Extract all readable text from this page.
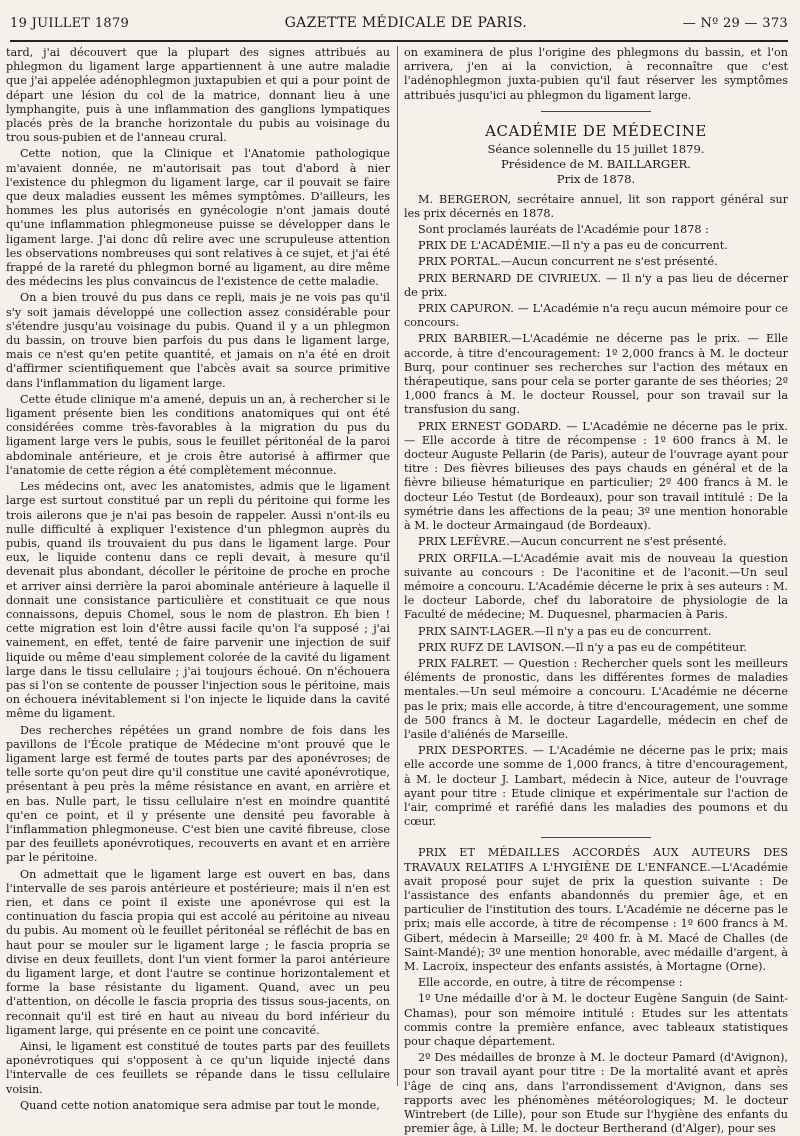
19 JUILLET 1879	GAZETTE MÉDICALE DE PARIS.	— Nº 29 — 373

tard, j'ai découvert que la plupart des signes attribués au phlegmon du ligament large appartiennent à une autre maladie que j'ai appelée adénophlegmon juxtapubien et qui a pour point de départ une lésion du col de la matrice, donnant lieu à une lymphangite, puis à une inflammation des ganglions lympatiques placés près de la branche horizontale du pubis au voisinage du trou sous-pubien et de l'anneau crural.

Cette notion, que la Clinique et l'Anatomie pathologique m'avaient donnée, ne m'autorisait pas tout d'abord à nier l'existence du phlegmon du ligament large, car il pouvait se faire que deux maladies eussent les mêmes symptômes. D'ailleurs, les hommes les plus autorisés en gynécologie n'ont jamais douté qu'une inflammation phlegmoneuse puisse se développer dans le ligament large. J'ai donc dû relire avec une scrupuleuse attention les observations nombreuses qui sont relatives à ce sujet, et j'ai été frappé de la rareté du phlegmon borné au ligament, au dire même des médecins les plus convaincus de l'existence de cette maladie.

On a bien trouvé du pus dans ce repli, mais je ne vois pas qu'il s'y soit jamais développé une collection assez considérable pour s'étendre jusqu'au voisinage du pubis. Quand il y a un phlegmon du bassin, on trouve bien parfois du pus dans le ligament large, mais ce n'est qu'en petite quantité, et jamais on n'a été en droit d'affirmer scientifiquement que l'abcès avait sa source primitive dans l'inflammation du ligament large.

Cette étude clinique m'a amené, depuis un an, à rechercher si le ligament présente bien les conditions anatomiques qui ont été considérées comme très-favorables à la migration du pus du ligament large vers le pubis, sous le feuillet péritonéal de la paroi abdominale antérieure, et je crois être autorisé à affirmer que l'anatomie de cette région a été complètement méconnue.

Les médecins ont, avec les anatomistes, admis que le ligament large est surtout constitué par un repli du péritoine qui forme les trois ailerons que je n'ai pas besoin de rappeler. Aussi n'ont-ils eu nulle difficulté à expliquer l'existence d'un phlegmon auprès du pubis, quand ils trouvaient du pus dans le ligament large. Pour eux, le liquide contenu dans ce repli devait, à mesure qu'il devenait plus abondant, décoller le péritoine de proche en proche et arriver ainsi derrière la paroi abominale antérieure à laquelle il donnait une consistance particulière et constituait ce que nous connaissons, depuis Chomel, sous le nom de plastron. Eh bien ! cette migration est loin d'être aussi facile qu'on l'a supposé ; j'ai vainement, en effet, tenté de faire parvenir une injection de suif liquide ou même d'eau simplement colorée de la cavité du ligament large dans le tissu cellulaire ; j'ai toujours échoué. On n'échouera pas si l'on se contente de pousser l'injection sous le péritoine, mais on échouera inévitablement si l'on injecte le liquide dans la cavité même du ligament.

Des recherches répétées un grand nombre de fois dans les pavillons de l'École pratique de Médecine m'ont prouvé que le ligament large est fermé de toutes parts par des aponévroses; de telle sorte qu'on peut dire qu'il constitue une cavité aponévrotique, présentant à peu près la même résistance en avant, en arrière et en bas. Nulle part, le tissu cellulaire n'est en moindre quantité qu'en ce point, et il y présente une densité peu favorable à l'inflammation phlegmoneuse. C'est bien une cavité fibreuse, close par des feuillets aponévrotiques, recouverts en avant et en arrière par le péritoine.

On admettait que le ligament large est ouvert en bas, dans l'intervalle de ses parois antérieure et postérieure; mais il n'en est rien, et dans ce point il existe une aponévrose qui est la continuation du fascia propia qui est accolé au péritoine au niveau du pubis. Au moment où le feuillet péritonéal se réfléchit de bas en haut pour se mouler sur le ligament large ; le fascia propria se divise en deux feuillets, dont l'un vient former la paroi antérieure du ligament large, et dont l'autre se continue horizontalement et forme la base résistante du ligament. Quand, avec un peu d'attention, on décolle le fascia propria des tissus sous-jacents, on reconnait qu'il est tiré en haut au niveau du bord inférieur du ligament large, qui présente en ce point une concavité.

Ainsi, le ligament est constitué de toutes parts par des feuillets aponévrotiques qui s'opposent à ce qu'un liquide injecté dans l'intervalle de ces feuillets se répande dans le tissu cellulaire voisin.

Quand cette notion anatomique sera admise par tout le monde,

on examinera de plus l'origine des phlegmons du bassin, et l'on arrivera, j'en ai la conviction, à reconnaître que c'est l'adénophlegmon juxta-pubien qu'il faut réserver les symptômes attribués jusqu'ici au phlegmon du ligament large.

ACADÉMIE DE MÉDECINE
Séance solennelle du 15 juillet 1879.
Présidence de M. BAILLARGER.
Prix de 1878.

M. BERGERON, secrétaire annuel, lit son rapport général sur les prix décernés en 1878.

Sont proclamés lauréats de l'Académie pour 1878 :

PRIX DE L'ACADÉMIE.—Il n'y a pas eu de concurrent.

PRIX PORTAL.—Aucun concurrent ne s'est présenté.

PRIX BERNARD DE CIVRIEUX. — Il n'y a pas lieu de décerner de prix.

PRIX CAPURON. — L'Académie n'a reçu aucun mémoire pour ce concours.

PRIX BARBIER.—L'Académie ne décerne pas le prix. — Elle accorde, à titre d'encouragement: 1º 2,000 francs à M. le docteur Burq, pour continuer ses recherches sur l'action des métaux en thérapeutique, sans pour cela se porter garante de ses théories; 2º 1,000 francs à M. le docteur Roussel, pour son travail sur la transfusion du sang.

PRIX ERNEST GODARD. — L'Académie ne décerne pas le prix. — Elle accorde à titre de récompense : 1º 600 francs à M. le docteur Auguste Pellarin (de Paris), auteur de l'ouvrage ayant pour titre : Des fièvres bilieuses des pays chauds en général et de la fièvre bilieuse hématurique en particulier; 2º 400 francs à M. le docteur Léo Testut (de Bordeaux), pour son travail intitulé : De la symétrie dans les affections de la peau; 3º une mention honorable à M. le docteur Armaingaud (de Bordeaux).

PRIX LEFÈVRE.—Aucun concurrent ne s'est présenté.

PRIX ORFILA.—L'Académie avait mis de nouveau la question suivante au concours : De l'aconitine et de l'aconit.—Un seul mémoire a concouru. L'Académie décerne le prix à ses auteurs : M. le docteur Laborde, chef du laboratoire de physiologie de la Faculté de médecine; M. Duquesnel, pharmacien à Paris.

PRIX SAINT-LAGER.—Il n'y a pas eu de concurrent.

PRIX RUFZ DE LAVISON.—Il n'y a pas eu de compétiteur.

PRIX FALRET. — Question : Rechercher quels sont les meilleurs éléments de pronostic, dans les différentes formes de maladies mentales.—Un seul mémoire a concouru. L'Académie ne décerne pas le prix; mais elle accorde, à titre d'encouragement, une somme de 500 francs à M. le docteur Lagardelle, médecin en chef de l'asile d'aliénés de Marseille.

PRIX DESPORTES. — L'Académie ne décerne pas le prix; mais elle accorde une somme de 1,000 francs, à titre d'encouragement, à M. le docteur J. Lambart, médecin à Nice, auteur de l'ouvrage ayant pour titre : Etude clinique et expérimentale sur l'action de l'air, comprimé et raréfié dans les maladies des poumons et du cœur.

PRIX ET MÉDAILLES ACCORDÉS AUX AUTEURS DES TRAVAUX RELATIFS A L'HYGIÈNE DE L'ENFANCE.—L'Académie avait proposé pour sujet de prix la question suivante : De l'assistance des enfants abandonnés du premier âge, et en particulier de l'institution des tours. L'Académie ne décerne pas le prix; mais elle accorde, à titre de récompense : 1º 600 francs à M. Gibert, médecin à Marseille; 2º 400 fr. à M. Macé de Challes (de Saint-Mandé); 3º une mention honorable, avec médaille d'argent, à M. Lacroix, inspecteur des enfants assistés, à Mortagne (Orne).

Elle accorde, en outre, à titre de récompense :

1º Une médaille d'or à M. le docteur Eugène Sanguin (de Saint-Chamas), pour son mémoire intitulé : Etudes sur les attentats commis contre la première enfance, avec tableaux statistiques pour chaque département.

2º Des médailles de bronze à M. le docteur Pamard (d'Avignon), pour son travail ayant pour titre : De la mortalité avant et après l'âge de cinq ans, dans l'arrondissement d'Avignon, dans ses rapports avec les phénomènes météorologiques; M. le docteur Wintrebert (de Lille), pour son Etude sur l'hygiène des enfants du premier âge, à Lille; M. le docteur Bertherand (d'Alger), pour ses
